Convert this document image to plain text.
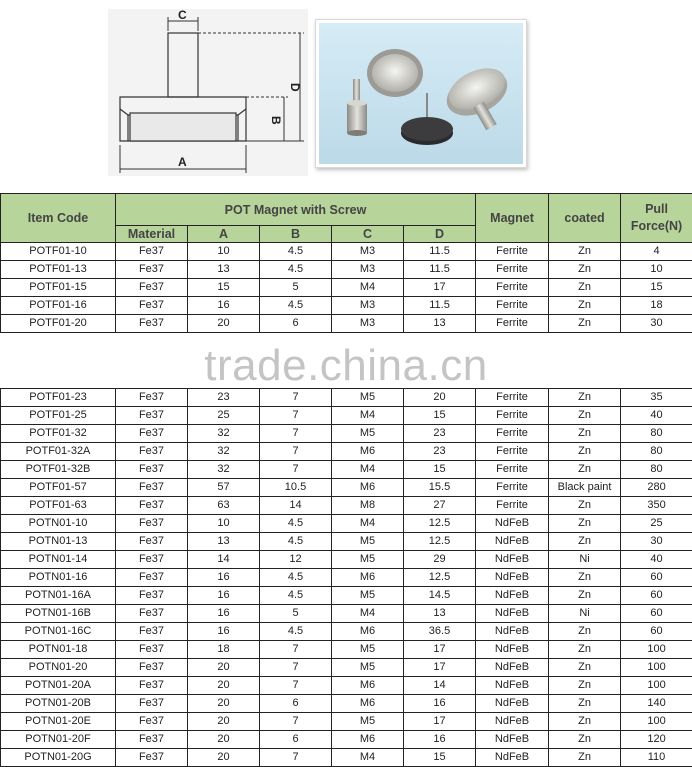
C
D
B
A
Item Code	POT Magnet with Screw					Magnet	coated	Pull Force(N)
	Material	A	B	C	D			
POTF01-10	Fe37	10	4.5	M3	11.5	Ferrite	Zn	4
POTF01-13	Fe37	13	4.5	M3	11.5	Ferrite	Zn	10
POTF01-15	Fe37	15	5	M4	17	Ferrite	Zn	15
POTF01-16	Fe37	16	4.5	M3	11.5	Ferrite	Zn	18
POTF01-20	Fe37	20	6	M3	13	Ferrite	Zn	30

POTF01-23	Fe37	23	7	M5	20	Ferrite	Zn	35
POTF01-25	Fe37	25	7	M4	15	Ferrite	Zn	40
POTF01-32	Fe37	32	7	M5	23	Ferrite	Zn	80
POTF01-32A	Fe37	32	7	M6	23	Ferrite	Zn	80
POTF01-32B	Fe37	32	7	M4	15	Ferrite	Zn	80
POTF01-57	Fe37	57	10.5	M6	15.5	Ferrite	Black paint	280
POTF01-63	Fe37	63	14	M8	27	Ferrite	Zn	350
POTN01-10	Fe37	10	4.5	M4	12.5	NdFeB	Zn	25
POTN01-13	Fe37	13	4.5	M5	12.5	NdFeB	Zn	30
POTN01-14	Fe37	14	12	M5	29	NdFeB	Ni	40
POTN01-16	Fe37	16	4.5	M6	12.5	NdFeB	Zn	60
POTN01-16A	Fe37	16	4.5	M5	14.5	NdFeB	Zn	60
POTN01-16B	Fe37	16	5	M4	13	NdFeB	Ni	60
POTN01-16C	Fe37	16	4.5	M6	36.5	NdFeB	Zn	60
POTN01-18	Fe37	18	7	M5	17	NdFeB	Zn	100
POTN01-20	Fe37	20	7	M5	17	NdFeB	Zn	100
POTN01-20A	Fe37	20	7	M6	14	NdFeB	Zn	100
POTN01-20B	Fe37	20	6	M6	16	NdFeB	Zn	140
POTN01-20E	Fe37	20	7	M5	17	NdFeB	Zn	100
POTN01-20F	Fe37	20	6	M6	16	NdFeB	Zn	120
POTN01-20G	Fe37	20	7	M4	15	NdFeB	Zn	110
trade.china.cn
